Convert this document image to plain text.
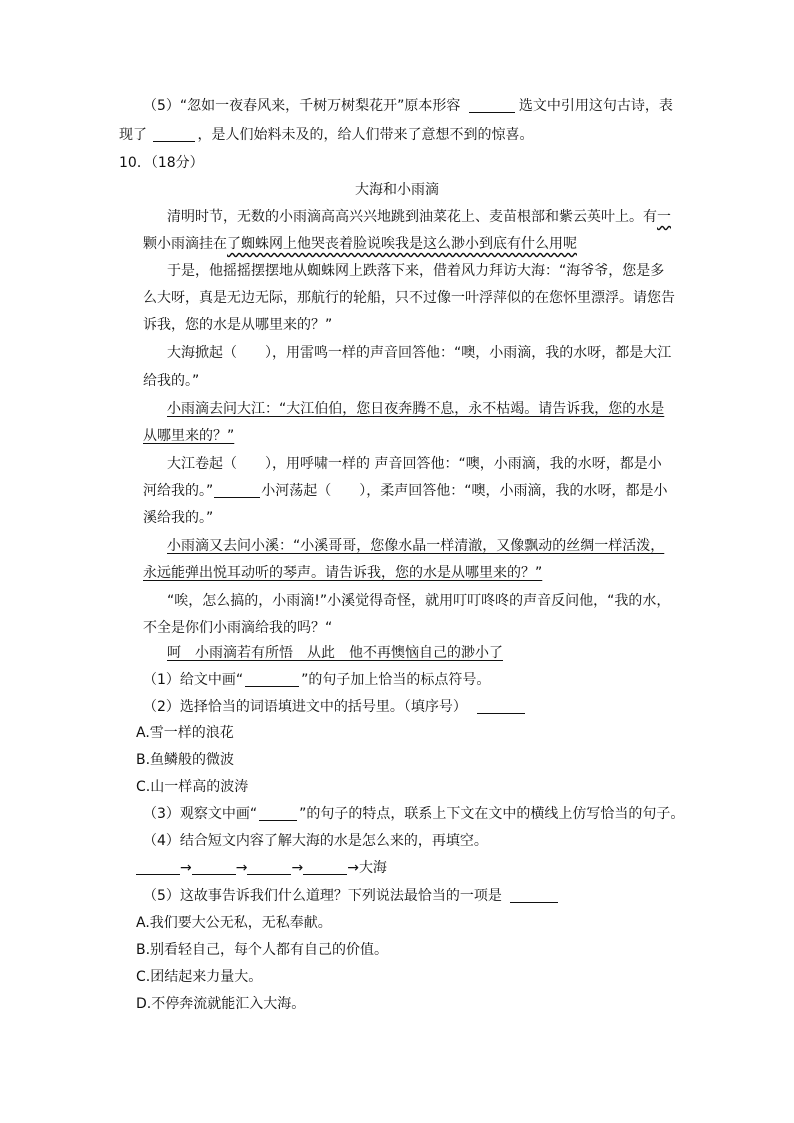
（5）“忽如一夜春风来，千树万树梨花开”原本形容	选文中引用这句古诗，表
现了	，是人们始料未及的，给人们带来了意想不到的惊喜。
10．（18分）
大海和小雨滴
清明时节，无数的小雨滴高高兴兴地跳到油菜花上、麦苗根部和紫云英叶上。有一
颗小雨滴挂在了蜘蛛网上他哭丧着脸说唉我是这么渺小到底有什么用呢
于是，他摇摇摆摆地从蜘蛛网上跌落下来，借着风力拜访大海：“海爷爷，您是多
么大呀，真是无边无际，那航行的轮船，只不过像一叶浮萍似的在您怀里漂浮。请您告
诉我，您的水是从哪里来的？”
大海掀起（　　），用雷鸣一样的声音回答他：“噢，小雨滴，我的水呀，都是大江
给我的。”
小雨滴去问大江：“大江伯伯，您日夜奔腾不息，永不枯竭。请告诉我，您的水是
从哪里来的？”
大江卷起（　　），用呼啸一样的 声音回答他：“噢，小雨滴，我的水呀，都是小
河给我的。”	小河荡起（　　），柔声回答他：“噢，小雨滴，我的水呀，都是小
溪给我的。”
小雨滴又去问小溪：“小溪哥哥，您像水晶一样清澈，又像飘动的丝绸一样活泼，
永远能弹出悦耳动听的琴声。请告诉我，您的水是从哪里来的？”
“唉，怎么搞的，小雨滴!”小溪觉得奇怪，就用叮叮咚咚的声音反问他，“我的水，
不全是你们小雨滴给我的吗？“
呵　小雨滴若有所悟　从此　他不再懊恼自己的渺小了
（1）给文中画“	”的句子加上恰当的标点符号。
（2）选择恰当的词语填进文中的括号里。（填序号）
A.雪一样的浪花
B.鱼鳞般的微波
C.山一样高的波涛
（3）观察文中画“	”的句子的特点，联系上下文在文中的横线上仿写恰当的句子。
（4）结合短文内容了解大海的水是怎么来的，再填空。
→	→	→	→大海
（5）这故事告诉我们什么道理？下列说法最恰当的一项是
A.我们要大公无私，无私奉献。
B.别看轻自己，每个人都有自己的价值。
C.团结起来力量大。
D.不停奔流就能汇入大海。
